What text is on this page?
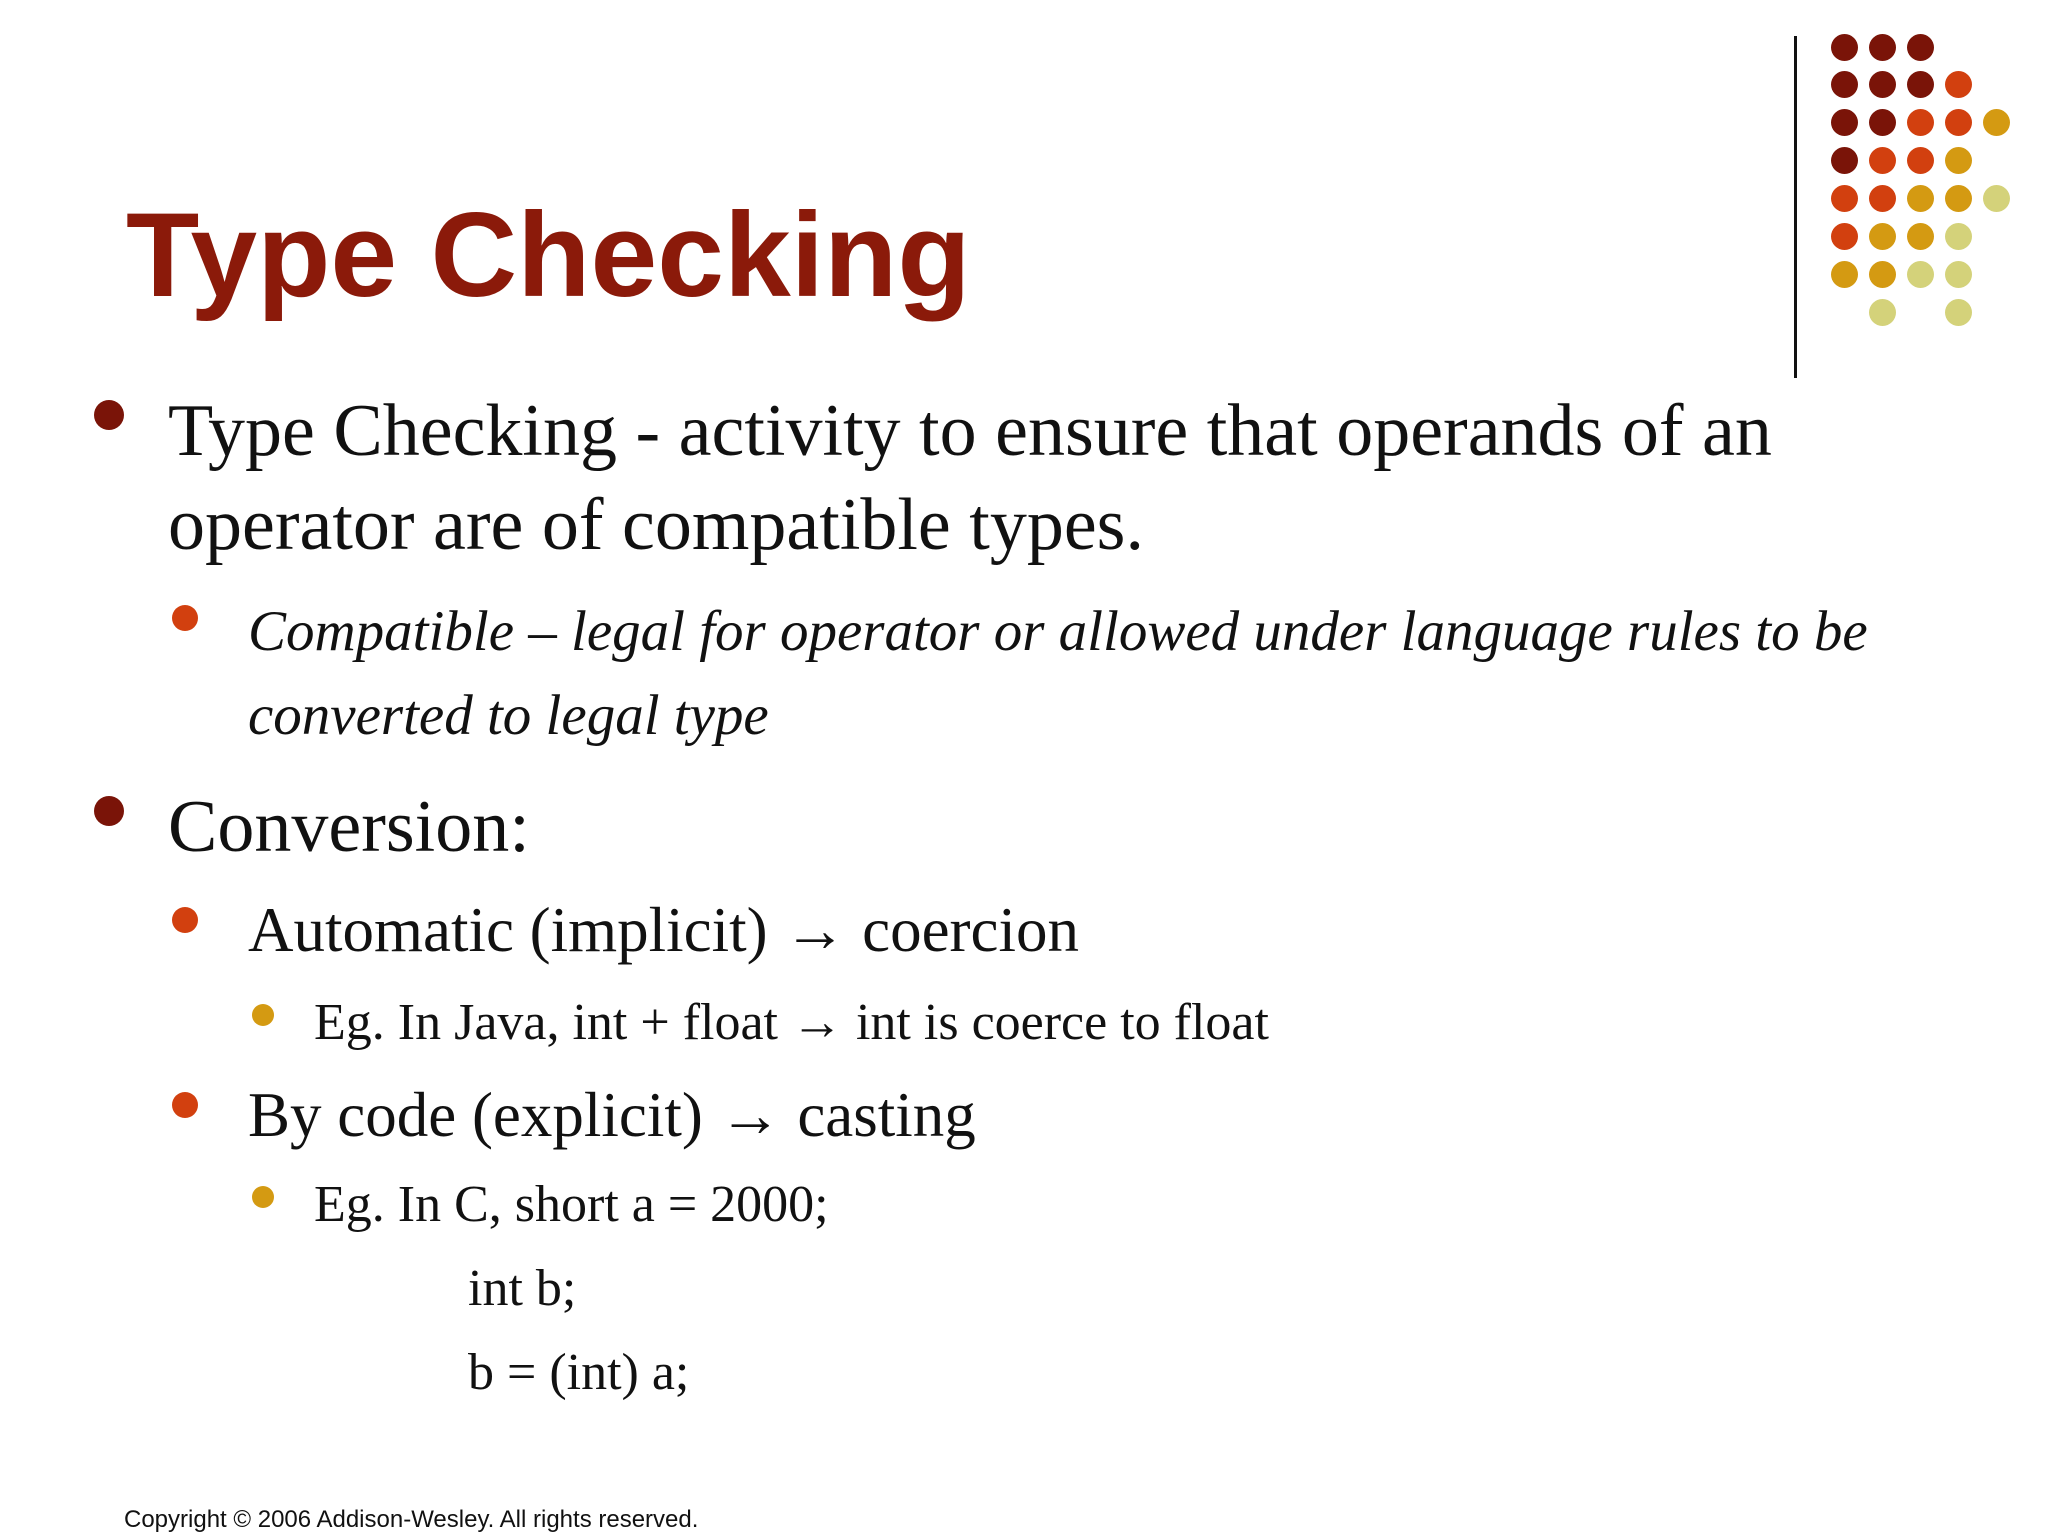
Type Checking
Type Checking - activity to ensure that operands of an
operator are of compatible types.
Compatible – legal for operator or allowed under language rules to be
converted to legal type
Conversion:
Automatic (implicit) → coercion
Eg. In Java, int + float → int is coerce to float
By code (explicit) → casting
Eg. In C, short a = 2000;
int b;
b = (int) a;
Copyright © 2006 Addison-Wesley. All rights reserved.
